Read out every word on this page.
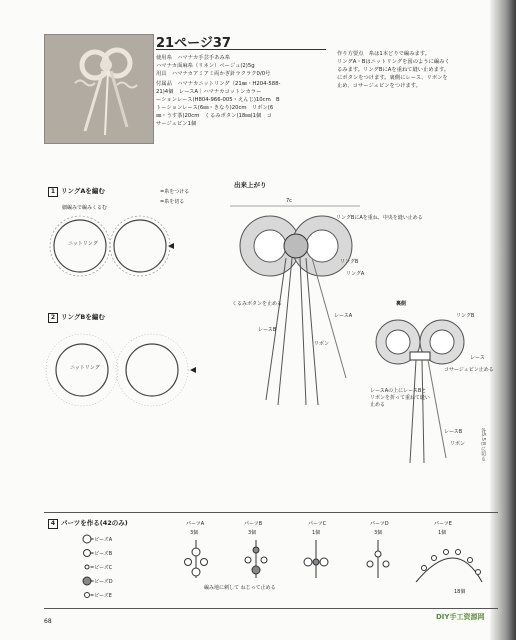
21ページ37
使用糸　ハマナカ手芸手あみ糸
ハマナカ面麻糸（リネン）ベージュ(2)5g
用具　ハマナカアミアミ両かぎ針ラクラク0/0号
付属品　ハマナカニットリング（21㎜・H204-588-
21)4個　レースA｜ハマナカコットンカラー
ーションレース(H804-966-005・えんじ)10cm　B
トーションレース(6㎜・きなり)20cm　リボン(6
㎜・うす茶)20cm　くるみボタン(18㎜)1個　コ
サージュピン1個
作り方要点　糸は1本どりで編みます。
リングA・Bはニットリングを図のように編みく
るみます。リングBにAを重ねて縫い止めます。
にボタンをつけます。裏側にレース、リボンを
止め、コサージュピンをつけます。
1 リングAを編む
細編みで編みくるむ
=糸をつける
=糸を切る
ニットリング
2 リングBを編む
ニットリング
出来上がり
7c
リングBにAを重ね、中央を縫い止める
リングB
リングA
くるみボタンを止める
レースA
レースB
リボン
裏側
リングB
レース
コサージュピン止める
レースAの上にレースBとリボンを折って重ねて縫い止める
レースB
リボン	各5.5㎝に切る
4 パーツを作る(42のみ)
=ビーズA
=ビーズB
=ビーズC
=ビーズD
=ビーズE
パーツA
3個
パーツB
3個
パーツC
1個
パーツD
3個
パーツE
1個
編み地に刺して ねじって止める
18個
68
DIY手工资源网
